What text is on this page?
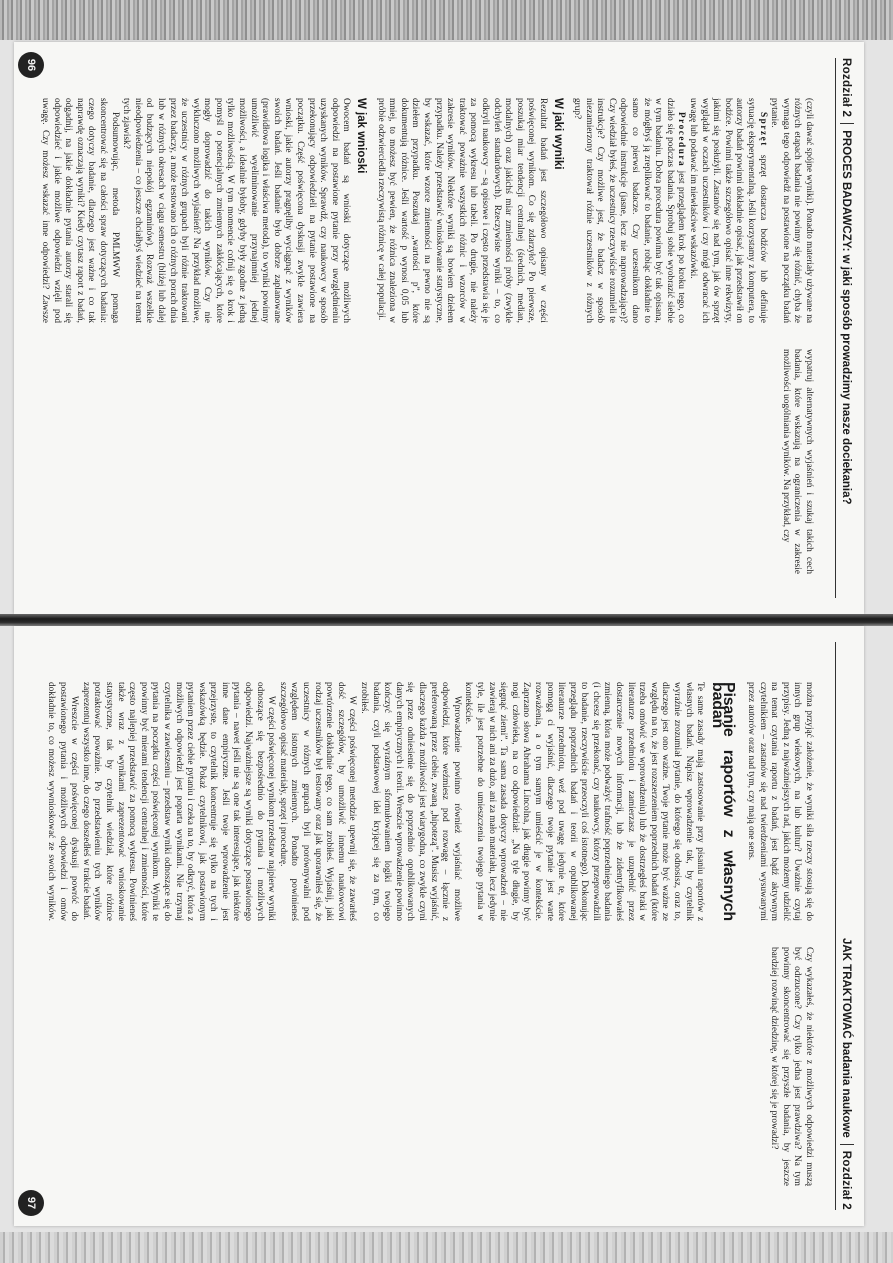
Rozdział 2PROCES BADAWCZY: w jaki sposób prowadzimy nasze dociekania?

(czyli dawać spójne wyniki). Ponadto materiały używane na różnych etapach badania nie powinny się różnić, chyba że wymaga tego odpowiedź na postawione na początku badań pytanie.

Sprzęt sprzęt dostarcza bodźców lub definiuje sytuację eksperymentalną. Jeśli korzystamy z komputera, to autorzy badań powinni dokładnie opisać, jak przedstawił on bodźce. Powinni także szczegółowo opisać inne rekwizyty, jakimi się posłużyli. Zastanów się nad tym, jak ów sprzęt wyglądał w oczach uczestników i czy mógł odwracać ich uwagę lub podawać im niewłaściwe wskazówki.

Procedura jest przeglądem krok po kroku tego, co działo się podczas badania. Sprobuj sobie wyobrazić siebie w tym badaniu. Dobra procedura powinna być tak opisana, że mógłbyś ją zreplikować to badanie, robiąc dokładnie to samo co pierwsi badacze. Czy uczestnikom dano odpowiednie instrukcje (jasne, lecz nie naprowadzające)? Czy wiedział byłeś, że uczestnicy rzeczywiście rozumieli te instrukcje? Czy możliwe jest, że badacz w sposób niezamierzony traktował różnie uczestników z różnych grup?

W jaki wyniki

Rezultat badań jest szczegółowo opisany w części poświęconej wynikom. Co się zdarzyło? Po pierwsze, poszukaj miar tendencji centralnej (średnich, median, modalnych) oraz jakichś miar zmienności próby (zwykle odchyleń standardowych). Rzeczywiste wyniki – to, co odkryli naukowcy – są opisowe i często przedstawia się je za pomocą wykresu lub tabeli. Po drugie, nie należy traktować poważnie wszystkich różnic i wzorców w zakresie wyników. Niektóre wyniki są bowiem dziełem przypadku. Należy przedstawić wnioskowanie statystyczne, by wskazać, które wzorce zmienności na pewno nie są dziełem przypadku. Poszukaj „wartości p”, które dokumentują różnice. Jeśli wartość p wynosi 0,05 lub mniej, to możesz być pewien, że różnica znaleziona w próbie odzwierciedla rzeczywistą różnicę w całej populacji.

W jak wnioski

Owocem badań są wnioski dotyczące możliwych odpowiedzi na postawione pytanie przy uwzględnieniu uzyskanych wyników. Sprawdź, czy naukowcy w sposób przekonujący odpowiedzieli na pytanie postawione na początku. Część poświęcona dyskusji zwykle zawiera wnioski, jakie autorzy pragnęliby wyciągnąć z wyników swoich badań. Jeśli badanie było dobrze zaplanowane (prawidłowa logika i właściwa metoda), to wyniki powinny umożliwić wyeliminowanie przynajmniej jednej możliwości, a idealnie byłoby, gdyby były zgodne z jedną tylko możliwością. W tym momencie cofnij się o krok i pomyśl o potencjalnych zmiennych zakłócających, które mogły doprowadzić do takich wyników. Czy nie wykluczono możliwych wyjaśnień? Na przykład możliwe, że uczestnicy w różnych grupach byli różnie traktowani przez badaczy, a może testowano ich o różnych porach dnia lub w różnych okresach w ciągu semestru (bliżej lub dalej od budzących niepokój egzaminów). Rozważ wszelkie nieodpowiedzenia – co jeszcze chciałbyś wiedzieć na temat tych zjawisk?

Podsumowując, metoda PMLMWW pomaga skoncentrować się na całości spraw dotyczących badania: czego dotyczy badanie, dlaczego jest ważne i co tak naprawdę oznaczają wyniki? Kiedy czytasz raport z badań, odgadnij, na jakie dokładnie pytania autorzy starali się odpowiedzieć i jakie możliwe odpowiedzi wzięli pod uwagę. Czy możesz wskazać inne odpowiedzi? Zawsze wypatruj alternatywnych wyjaśnień i szukaj takich cech badania, które wskazują na ograniczenia w zakresie możliwości uogólniania wyników. Na przykład, czy

96
JAK TRAKTOWAĆ badania naukoweRozdział 2

można przyjąć założenie, że wyniki siła rzeczy stosują się do innych grup wiekowych, na lub kultur? Uważnie czytaj przypisy. Jedną z najważniejszych rad, jakich możemy udzielić na temat czytania raportu z badań, jest bądź aktywnym czytelnikiem – zastanów się nad twierdzeniami wysuwanymi przez autorów oraz nad tym, czy mają one sens.

Pisanie raportów z własnych badań

Te same zasady mają zastosowanie przy pisaniu raportów z własnych badań. Napisz wprowadzenie tak, by czytelnik wyraźnie zrozumiał pytanie, do którego się odnosisz, oraz to, dlaczego jest ono ważne. Twoje pytanie może być ważne ze względu na to, że jest rozszerzeniem poprzednich badań (które trzeba omówić we wprowadzeniu) lub że dostrzegłeś braki w literaturze przedmiotu i zamierzasz je uzupełnić przez dostarczenie nowych informacji, lub że zidentyfikowałeś zmienną, która może podważyć trafność poprzedniego badania (i chcesz się przekonać, czy naukowcy, którzy przeprowadzili to badanie, rzeczywiście przeoczyli coś istotnego). Dokonując przeglądu poprzednich badań i teorii w opublikowanej literaturze przedmiotu, weź pod uwagę jedynie te, które pomogą ci wyjaśnić, dlaczego twoje pytanie jest warte rozważenia, a o tym samym umieścić je w kontekście. Zaprzano słowa Abrahama Lincolna, jak długie powinny być nogi człowieka, na co odpowiedział: „Na tyle długie, by sięgnąć ziemi”. Ta sama zasada dotyczy wprowadzeń – nie zawieraj w nich ani za dużo, ani za mało materiału, lecz jedynie tyle, ile jest potrzebne do umieszczenia twojego pytania w kontekście.

Wprowadzenie powinno również wyjaśniać możliwe odpowiedzi, które weźmiesz pod rozwagę – łącznie z preferowaną przez ciebie, zwaną „hipotezą”. Musisz wyjaśnić, dlaczego każda z możliwości jest wiarygodna, co zwykle czyni się przez odniesienie się do poprzednio opublikowanych danych empirycznych i teorii. Wreszcie wprowadzenie powinno kończyć się wyraźnym sformułowaniem logiki twojego badania, czyli podstawowej idei kryjącej się za tym, co zrobiłeś.

W części poświęconej metodzie upewnij się, że zawarłeś dość szczegółów, by umożliwić innemu naukowcowi powtórzenie dokładnie tego, co sam zrobiłeś. Wyjaśnij, jaki rodzaj uczestników był testowany oraz jak uporawniłeś się, że uczestnicy w różnych grupach byli porównywalni pod względem istotnych zmiennych. Ponadto powinieneś szczegółowo opisać materiały, sprzęt i procedurę.

W części poświęconej wynikom przedstaw najpierw wyniki odnoszące się bezpośrednio do pytania i możliwych odpowiedzi. Najważniejsze są wyniki dotyczące postawionego pytania – nawet jeśli nie są one tak interesujące, jak niektóre inne dane empiryczne. Jeśli twoje wprowadzenie jest przejrzyste, to czytelnik koncentruje się tylko na tych i wskazówką będzie. Pokaż czytelnikowi, jak postawionym pytaniem przez ciebie pytaniu i czeka na to, by odkryć, która z możliwych odpowiedzi jest poparta wynikami. Nie trzymaj czytelnika w zawieszeniu – przedstaw wyniki odnoszące się do pytania na początku części poświęconej wynikom. Wyniki te powinny być mierami tendencji centralnej i zmienności, które często najlepiej przedstawić za pomocą wykresu. Powinieneś także wraz z wynikami zaprezentować wnioskowanie statystyczne, tak by czytelnik wiedział, które różnice potraktować poważnie. Po przedstawieniu tych wyników zaprezentuj wszystko inne, do czego doszedłeś w trakcie badań.

Wreszcie w części poświęconej dyskusji powróć do postawionego pytania i możliwych odpowiedzi i omów dokładnie to, co możesz wywnioskować ze swoich wyników. Czy wykazałeś, że niektóre z możliwych odpowiedzi muszą być odrzucone? Czy tylko jedna jest prawdziwa? Na tym powinny skoncentrować się przyszłe badania, by jeszcze bardziej rozwinąć dziedzinę, w której się je prowadzi?

97
